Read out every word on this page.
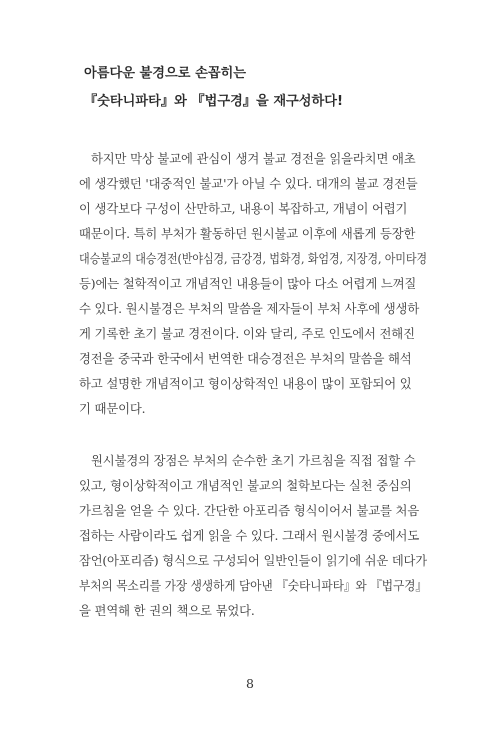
아름다운 불경으로 손꼽히는
『숫타니파타』와 『법구경』을 재구성하다!
하지만 막상 불교에 관심이 생겨 불교 경전을 읽을라치면 애초
에 생각했던 '대중적인 불교'가 아닐 수 있다. 대개의 불교 경전들
이 생각보다 구성이 산만하고, 내용이 복잡하고, 개념이 어렵기
때문이다. 특히 부처가 활동하던 원시불교 이후에 새롭게 등장한
대승불교의 대승경전(반야심경, 금강경, 법화경, 화엄경, 지장경, 아미타경
등)에는 철학적이고 개념적인 내용들이 많아 다소 어렵게 느껴질
수 있다. 원시불경은 부처의 말씀을 제자들이 부처 사후에 생생하
게 기록한 초기 불교 경전이다. 이와 달리, 주로 인도에서 전해진
경전을 중국과 한국에서 번역한 대승경전은 부처의 말씀을 해석
하고 설명한 개념적이고 형이상학적인 내용이 많이 포함되어 있
기 때문이다.
원시불경의 장점은 부처의 순수한 초기 가르침을 직접 접할 수
있고, 형이상학적이고 개념적인 불교의 철학보다는 실천 중심의
가르침을 얻을 수 있다. 간단한 아포리즘 형식이어서 불교를 처음
접하는 사람이라도 쉽게 읽을 수 있다. 그래서 원시불경 중에서도
잠언(아포리즘) 형식으로 구성되어 일반인들이 읽기에 쉬운 데다가
부처의 목소리를 가장 생생하게 담아낸 『숫타니파타』와 『법구경』
을 편역해 한 권의 책으로 묶었다.
8
